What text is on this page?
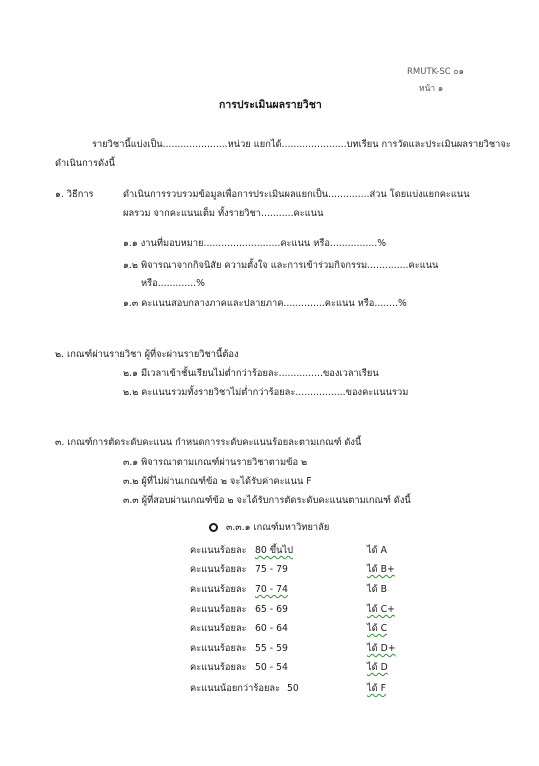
RMUTK-SC ๐๑
หน้า ๑
การประเมินผลรายวิชา
รายวิชานี้แบ่งเป็น......................หน่วย แยกได้......................บทเรียน การวัดและประเมินผลรายวิชาจะ
ดำเนินการดังนี้
๑. วิธีการ	ดำเนินการรวบรวมข้อมูลเพื่อการประเมินผลแยกเป็น..............ส่วน โดยแบ่งแยกคะแนน
ผลรวม จากคะแนนเต็ม ทั้งรายวิชา...........คะแนน
๑.๑ งานที่มอบหมาย..........................คะแนน หรือ................%
๑.๒ พิจารณาจากกิจนิสัย ความตั้งใจ และการเข้าร่วมกิจกรรม..............คะแนน
หรือ.............%
๑.๓ คะแนนสอบกลางภาคและปลายภาค..............คะแนน หรือ........%
๒. เกณฑ์ผ่านรายวิชา ผู้ที่จะผ่านรายวิชานี้ต้อง
๒.๑ มีเวลาเข้าชั้นเรียนไม่ต่ำกว่าร้อยละ...............ของเวลาเรียน
๒.๒ คะแนนรวมทั้งรายวิชาไม่ต่ำกว่าร้อยละ.................ของคะแนนรวม
๓. เกณฑ์การตัดระดับคะแนน กำหนดการระดับคะแนนร้อยละตามเกณฑ์ ดังนี้
๓.๑ พิจารณาตามเกณฑ์ผ่านรายวิชาตามข้อ ๒
๓.๒ ผู้ที่ไม่ผ่านเกณฑ์ข้อ ๒ จะได้รับค่าคะแนน F
๓.๓ ผู้ที่สอบผ่านเกณฑ์ข้อ ๒ จะได้รับการตัดระดับคะแนนตามเกณฑ์ ดังนี้
๓.๓.๑ เกณฑ์มหาวิทยาลัย
คะแนนร้อยละ 80 ขึ้นไป	ได้ A
คะแนนร้อยละ 75 - 79	ได้ B+
คะแนนร้อยละ 70 - 74	ได้ B
คะแนนร้อยละ 65 - 69	ได้ C+
คะแนนร้อยละ 60 - 64	ได้ C
คะแนนร้อยละ 55 - 59	ได้ D+
คะแนนร้อยละ 50 - 54	ได้ D
คะแนนน้อยกว่าร้อยละ 50	ได้ F
